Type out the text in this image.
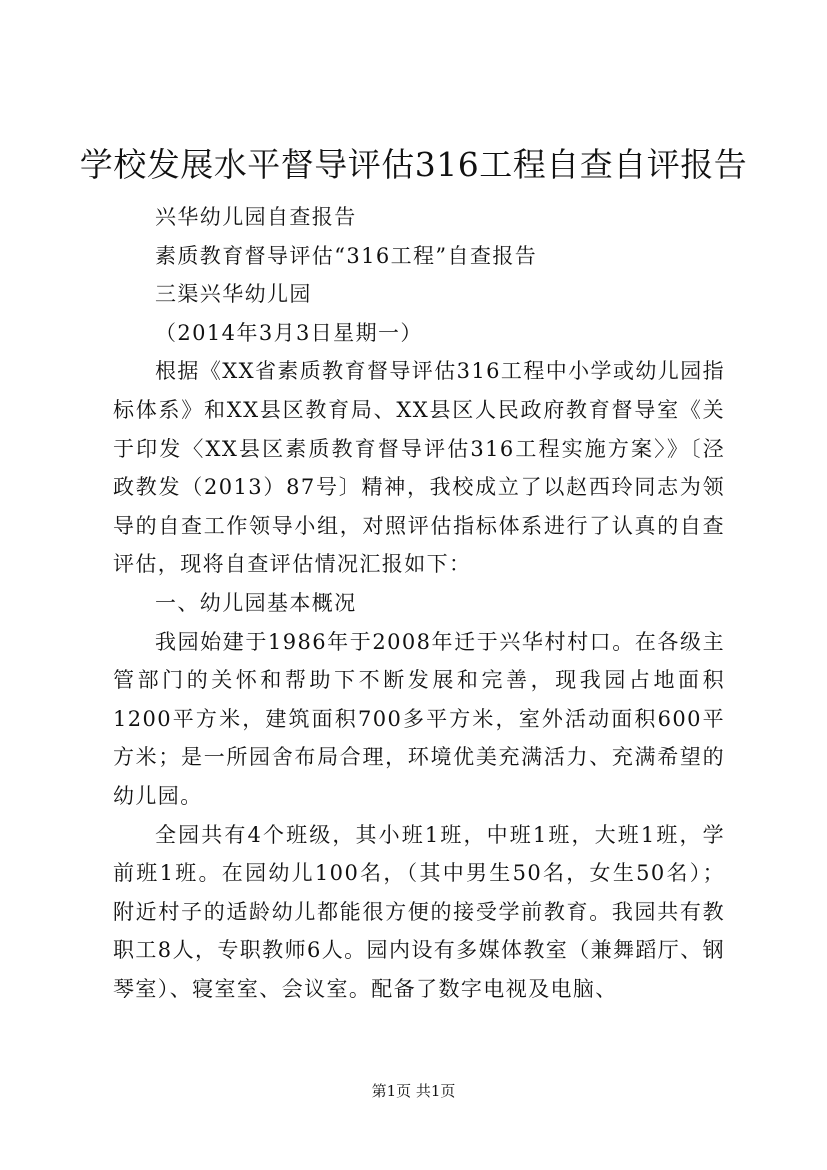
学校发展水平督导评估316工程自查自评报告

兴华幼儿园自查报告

素质教育督导评估“316工程”自查报告

三渠兴华幼儿园

（2014年3月3日星期一）

根据《XX省素质教育督导评估316工程中小学或幼儿园指标体系》和XX县区教育局、XX县区人民政府教育督导室《关于印发〈XX县区素质教育督导评估316工程实施方案〉》〔泾政教发（2013）87号〕精神，我校成立了以赵西玲同志为领导的自查工作领导小组，对照评估指标体系进行了认真的自查评估，现将自查评估情况汇报如下：

一、幼儿园基本概况

我园始建于1986年于2008年迁于兴华村村口。在各级主管部门的关怀和帮助下不断发展和完善，现我园占地面积1200平方米，建筑面积700多平方米，室外活动面积600平方米；是一所园舍布局合理，环境优美充满活力、充满希望的幼儿园。

全园共有4个班级，其小班1班，中班1班，大班1班，学前班1班。在园幼儿100名，（其中男生50名，女生50名）；附近村子的适龄幼儿都能很方便的接受学前教育。我园共有教职工8人，专职教师6人。园内设有多媒体教室（兼舞蹈厅、钢琴室）、寝室室、会议室。配备了数字电视及电脑、

第1页 共1页
